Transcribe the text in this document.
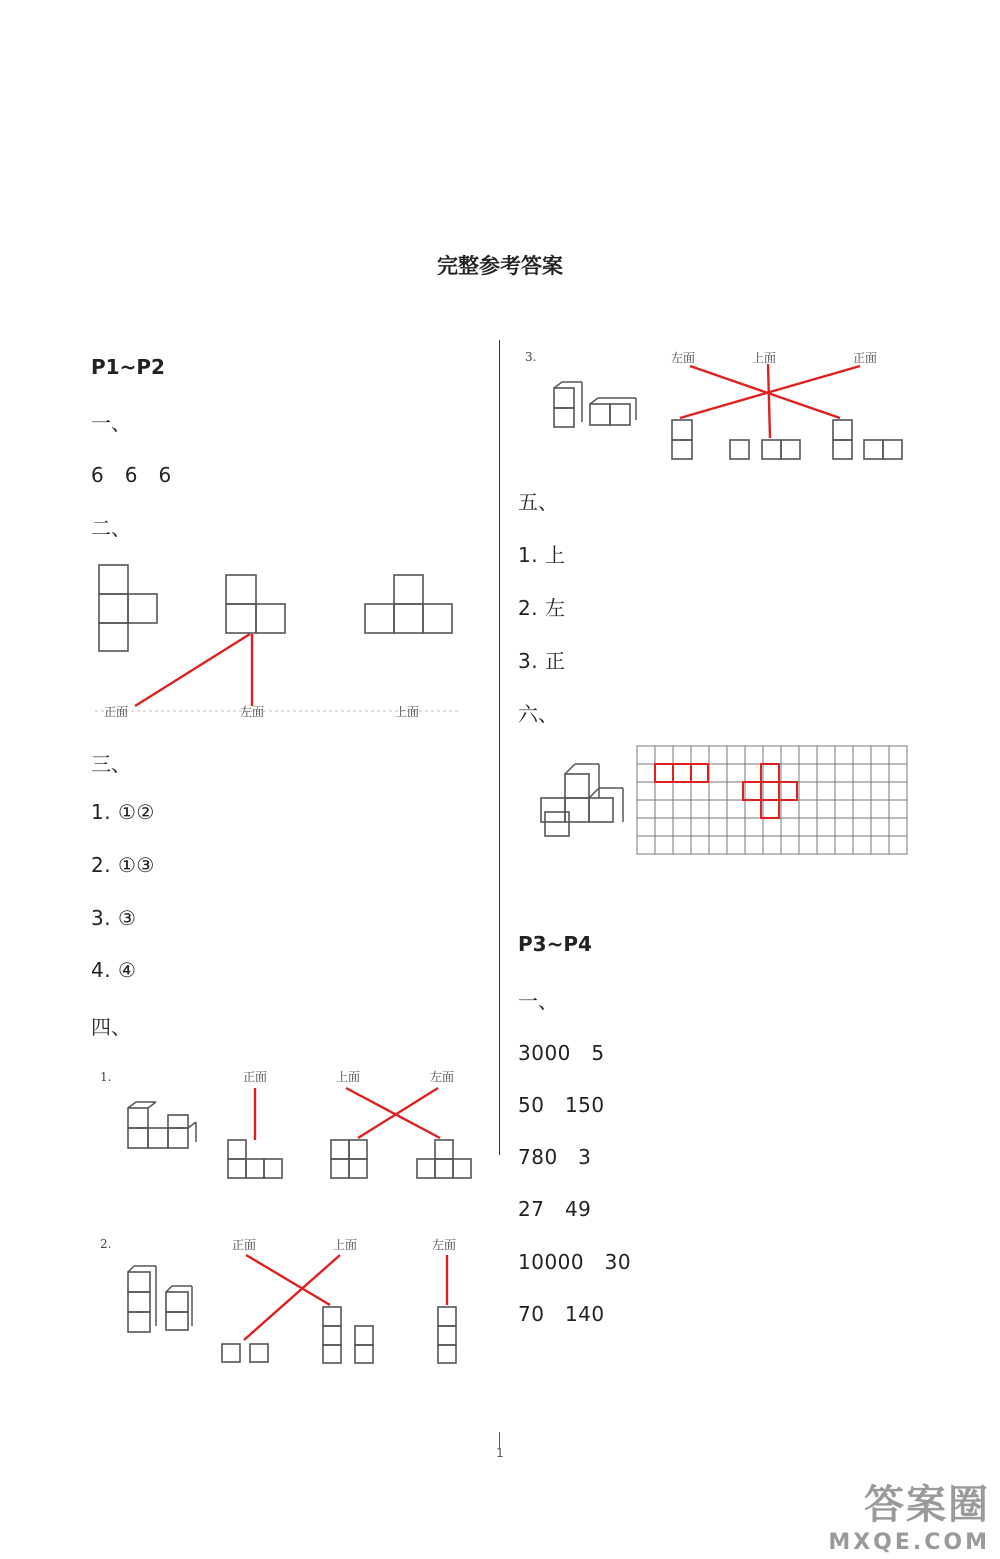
完整参考答案
P1~P2
一、
6　6　6
二、
正面	左面	上面
三、
1. ①②
2. ①③
3. ③
4. ④
四、
1.	正面	上面	左面
2.	正面	上面	左面
3.	左面	上面	正面
五、
1. 上
2. 左
3. 正
六、
P3~P4
一、
3000　5
50　150
780　3
27　49
10000　30
70　140
1
答案圈
MXQE.COM
